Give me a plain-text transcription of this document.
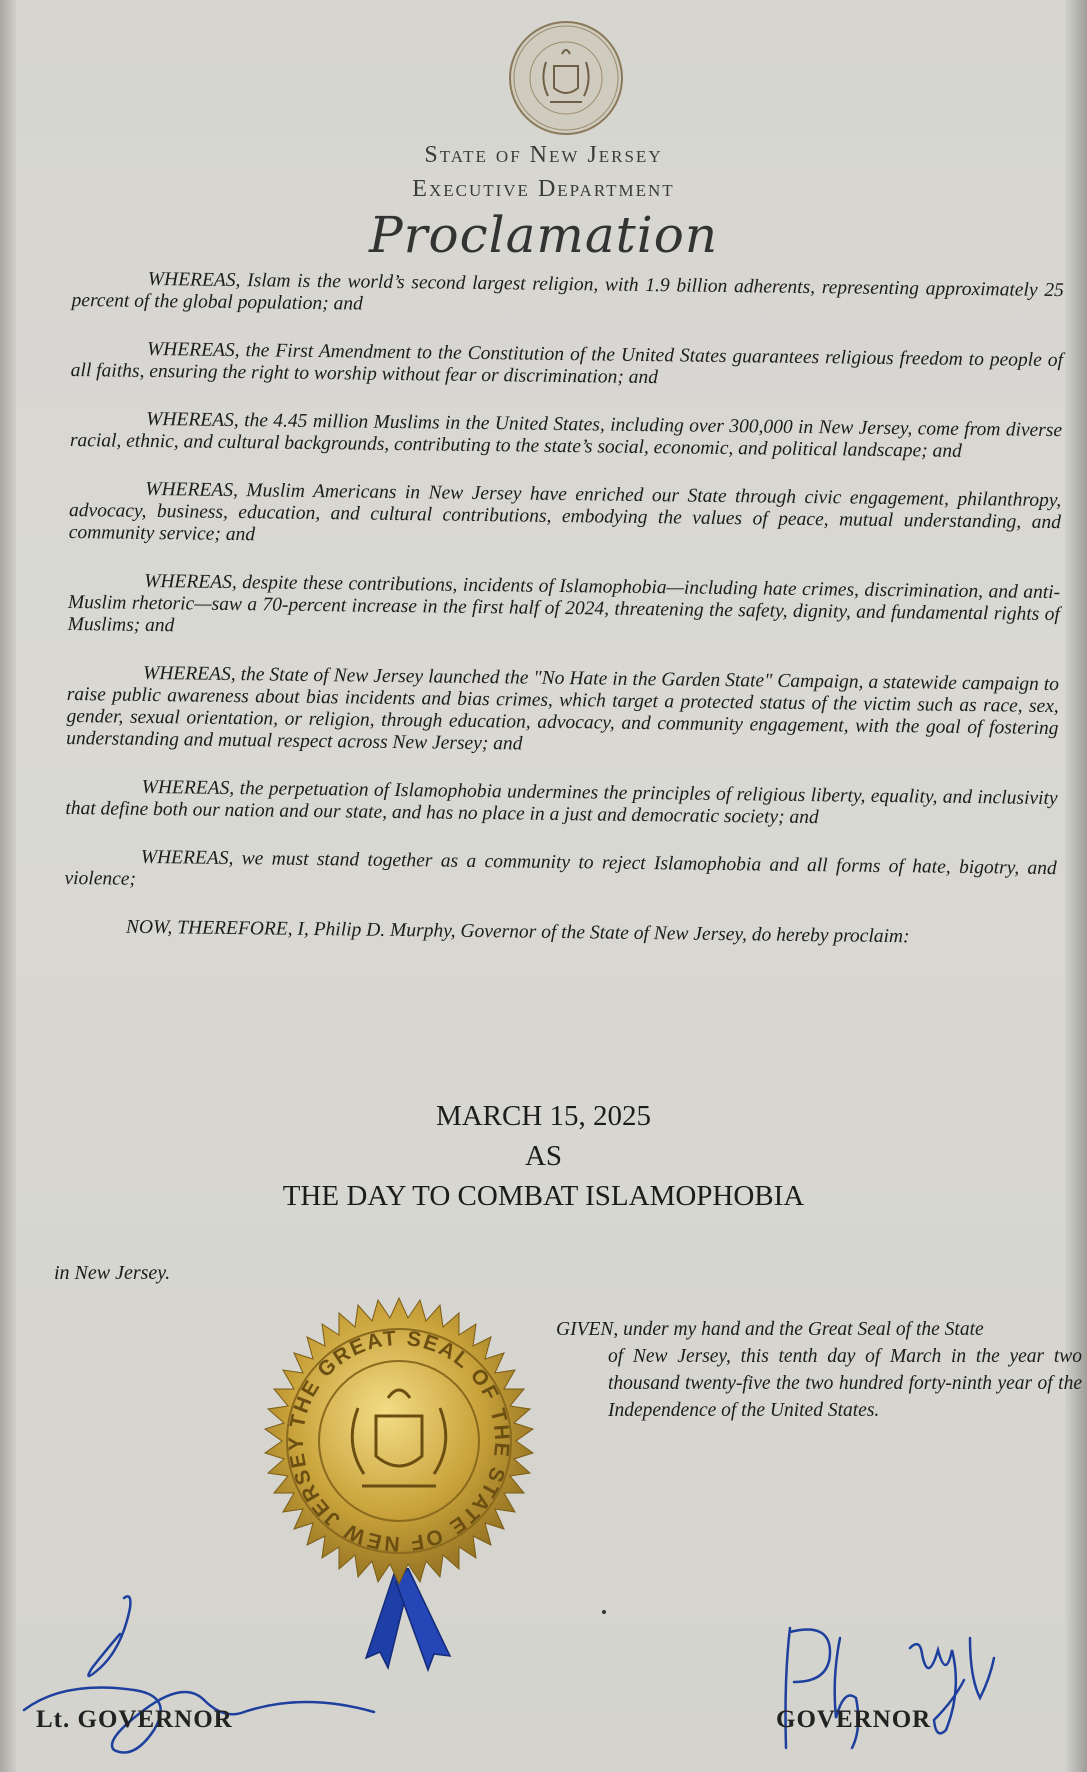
State of New Jersey
Executive Department
Proclamation

WHEREAS, Islam is the world’s second largest religion, with 1.9 billion adherents, representing approximately 25 percent of the global population; and

WHEREAS, the First Amendment to the Constitution of the United States guarantees religious freedom to people of all faiths, ensuring the right to worship without fear or discrimination; and

WHEREAS, the 4.45 million Muslims in the United States, including over 300,000 in New Jersey, come from diverse racial, ethnic, and cultural backgrounds, contributing to the state’s social, economic, and political landscape; and

WHEREAS, Muslim Americans in New Jersey have enriched our State through civic engagement, philanthropy, advocacy, business, education, and cultural contributions, embodying the values of peace, mutual understanding, and community service; and

WHEREAS, despite these contributions, incidents of Islamophobia—including hate crimes, discrimination, and anti-Muslim rhetoric—saw a 70-percent increase in the first half of 2024, threatening the safety, dignity, and fundamental rights of Muslims; and

WHEREAS, the State of New Jersey launched the "No Hate in the Garden State" Campaign, a statewide campaign to raise public awareness about bias incidents and bias crimes, which target a protected status of the victim such as race, sex, gender, sexual orientation, or religion, through education, advocacy, and community engagement, with the goal of fostering understanding and mutual respect across New Jersey; and

WHEREAS, the perpetuation of Islamophobia undermines the principles of religious liberty, equality, and inclusivity that define both our nation and our state, and has no place in a just and democratic society; and

WHEREAS, we must stand together as a community to reject Islamophobia and all forms of hate, bigotry, and violence;

NOW, THEREFORE, I, Philip D. Murphy, Governor of the State of New Jersey, do hereby proclaim:

MARCH 15, 2025
AS
THE DAY TO COMBAT ISLAMOPHOBIA
in New Jersey.
GIVEN, under my hand and the Great Seal of the State
of New Jersey, this tenth day of March in the year two thousand twenty-five the two hundred forty-ninth year of the Independence of the United States.
THE GREAT SEAL OF THE STATE OF NEW JERSEY
Lt. GOVERNOR	GOVERNOR
